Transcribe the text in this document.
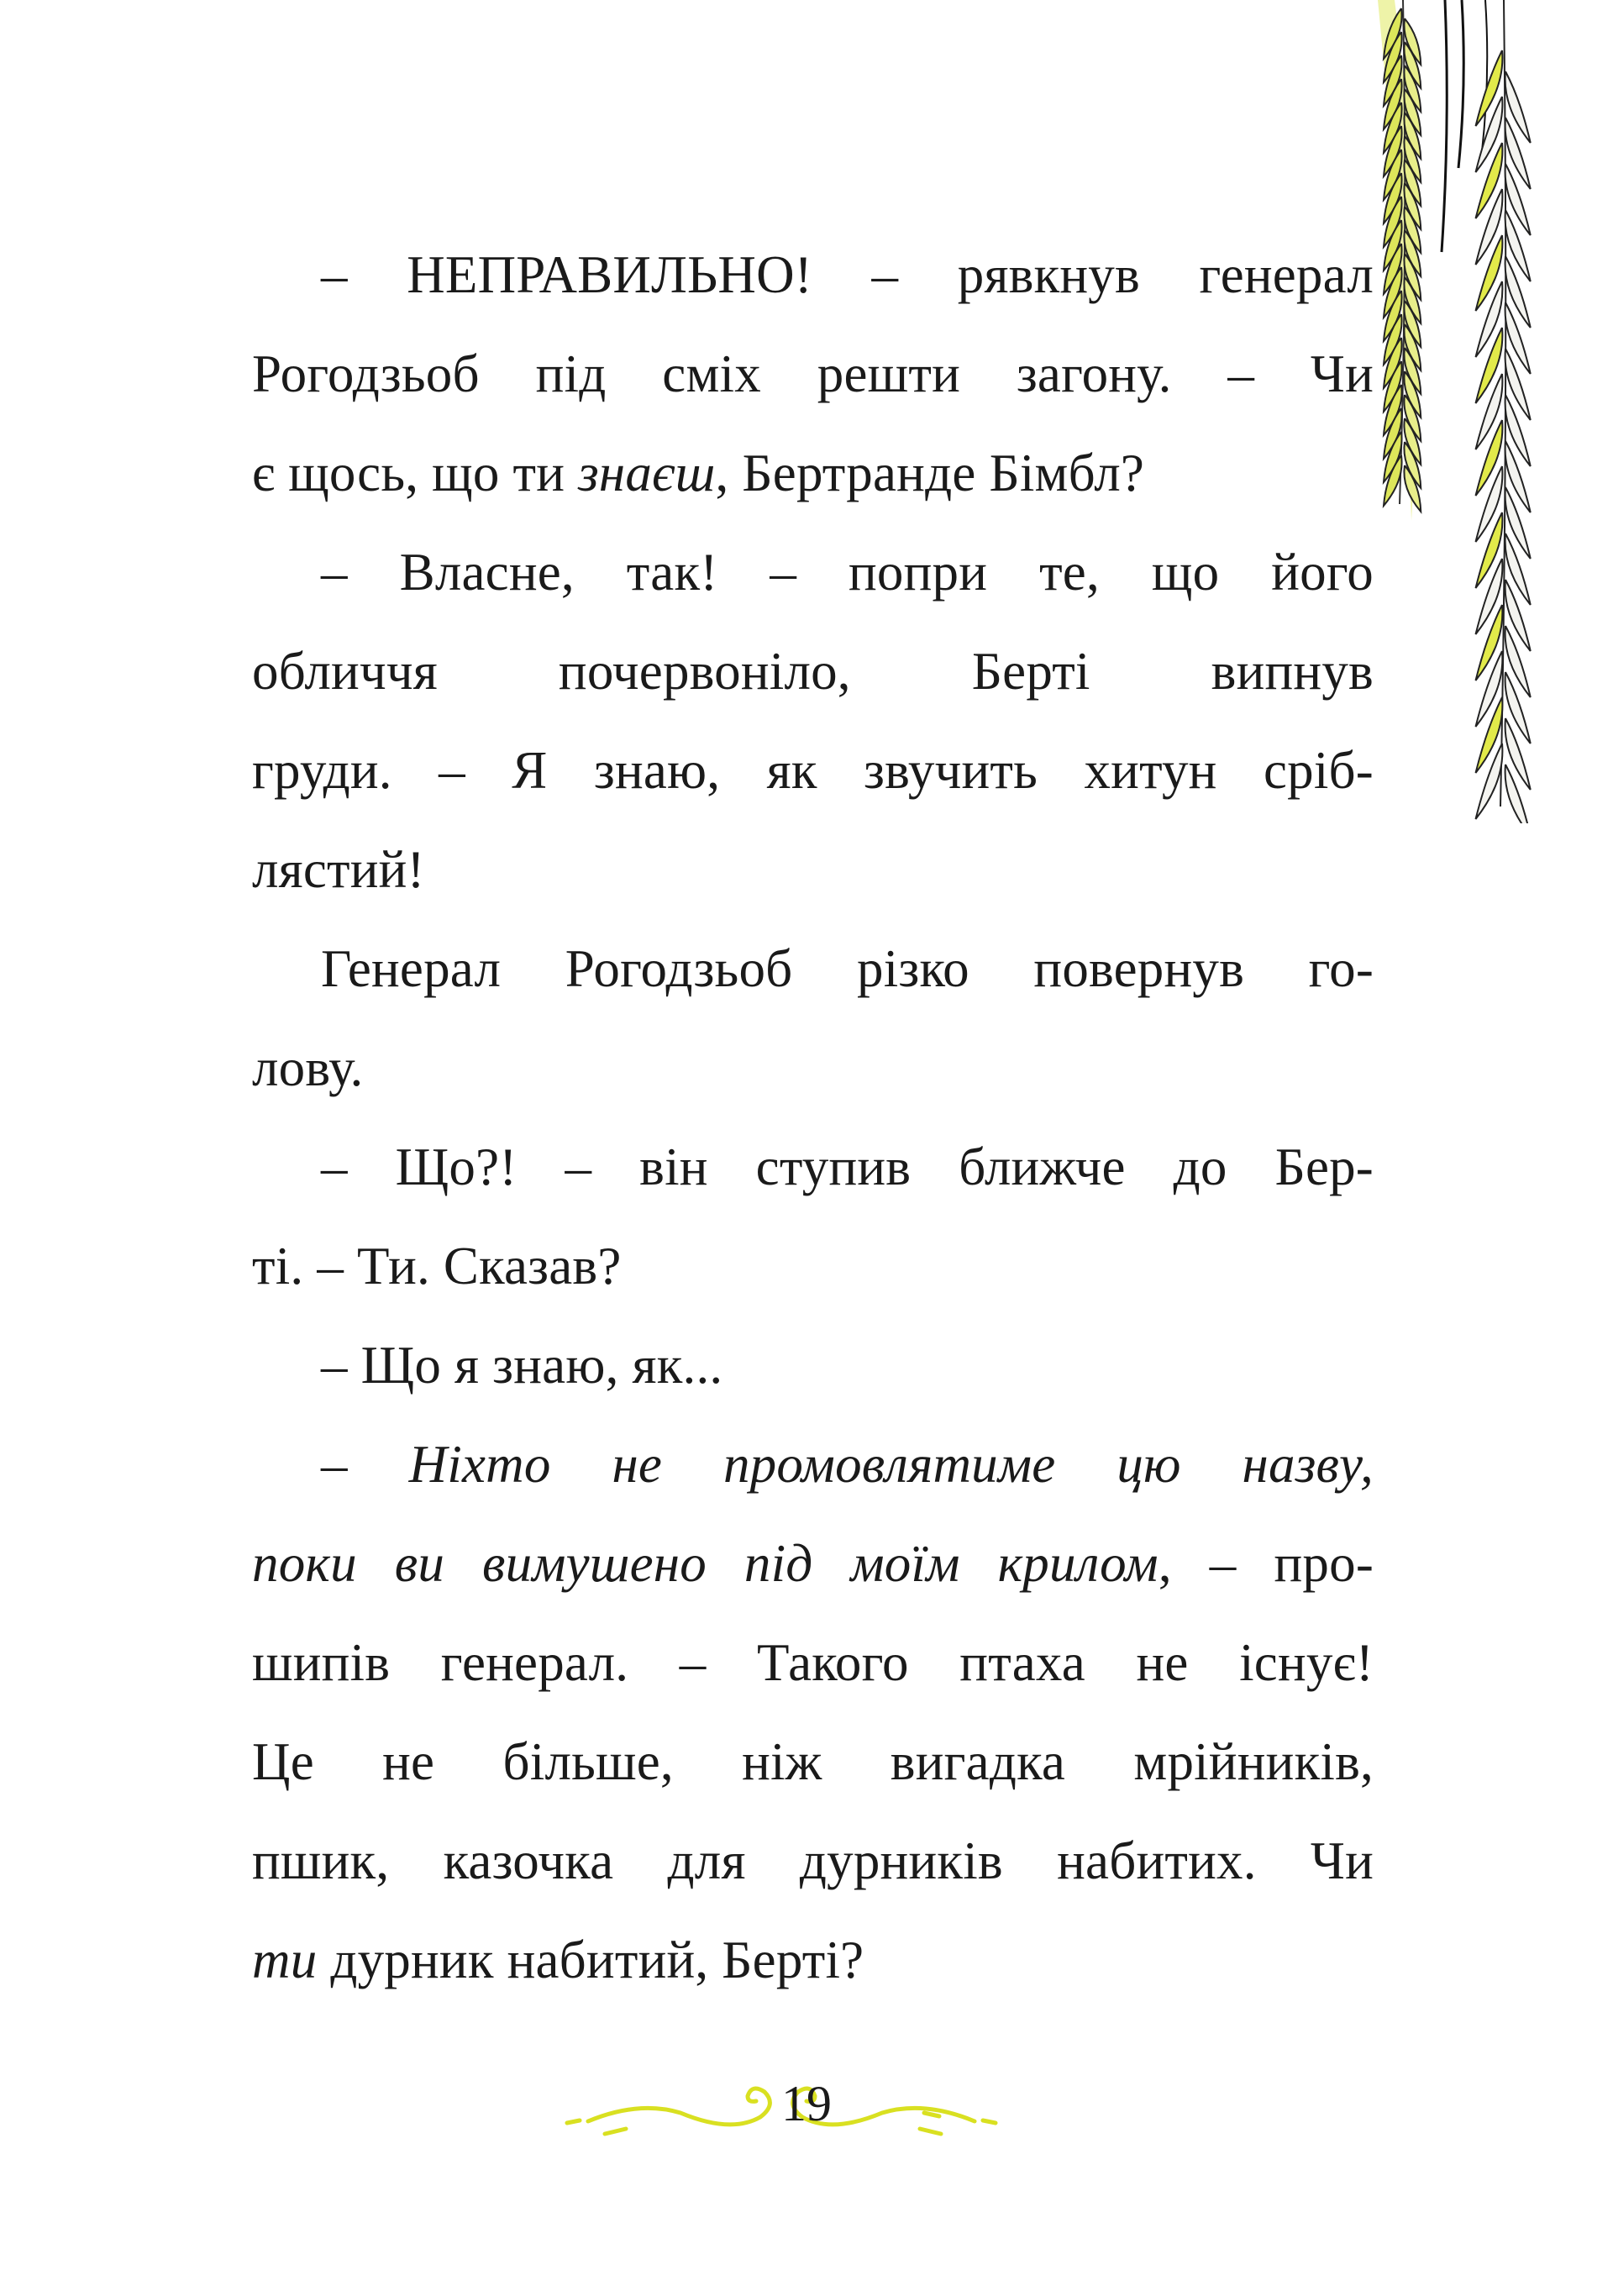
– НЕПРАВИЛЬНО! – рявкнув генерал
Рогодзьоб під сміх решти загону. – Чи
є щось, що ти знаєш, Бертранде Бімбл?
– Власне, так! – попри те, що його
обличчя почервоніло, Берті випнув
груди. – Я знаю, як звучить хитун сріб-
лястий!
Генерал Рогодзьоб різко повернув го-
лову.
– Що?! – він ступив ближче до Бер-
ті. – Ти. Сказав?
– Що я знаю, як...
– Ніхто не промовлятиме цю назву,
поки ви вимушено під моїм крилом, – про-
шипів генерал. – Такого птаха не існує!
Це не більше, ніж вигадка мрійників,
пшик, казочка для дурників набитих. Чи
ти дурник набитий, Берті?
19
